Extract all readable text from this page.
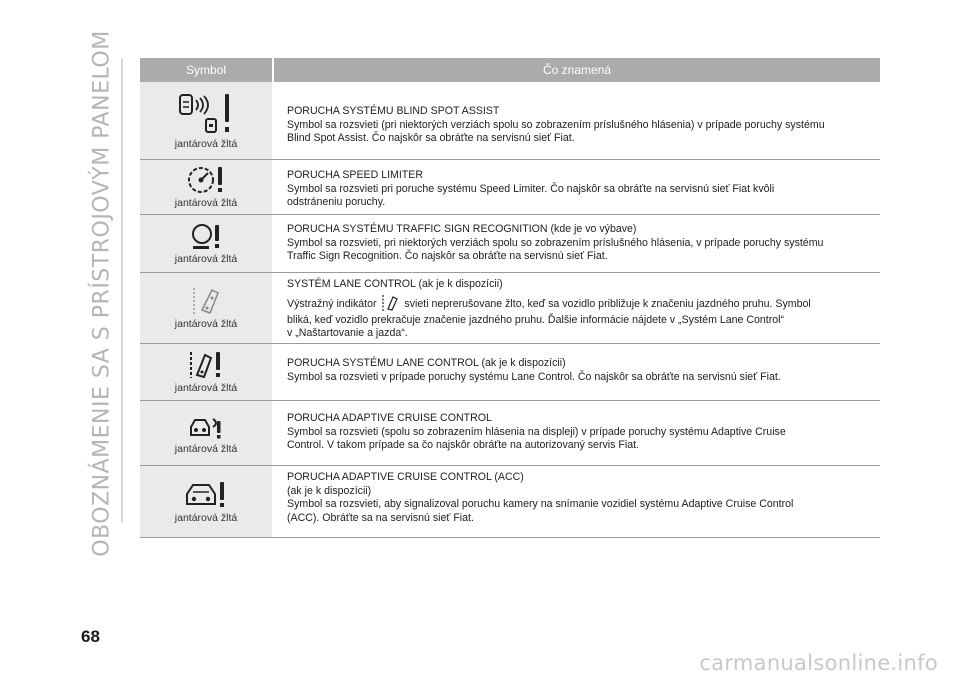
OBOZNÁMENIE SA S PRÍSTROJOVÝM PANELOM	Symbol	Čo znamená
jantárová žltá
PORUCHA SYSTÉMU BLIND SPOT ASSIST
Symbol sa rozsvieti (pri niektorých verziách spolu so zobrazením príslušného hlásenia) v prípade poruchy systému
Blind Spot Assist. Čo najskôr sa obráťte na servisnú sieť Fiat.
jantárová žltá
PORUCHA SPEED LIMITER
Symbol sa rozsvieti pri poruche systému Speed Limiter. Čo najskôr sa obráťte na servisnú sieť Fiat kvôli
odstráneniu poruchy.
jantárová žltá
PORUCHA SYSTÉMU TRAFFIC SIGN RECOGNITION (kde je vo výbave)
Symbol sa rozsvieti, pri niektorých verziách spolu so zobrazením príslušného hlásenia, v prípade poruchy systému
Traffic Sign Recognition. Čo najskôr sa obráťte na servisnú sieť Fiat.
jantárová žltá
SYSTÉM LANE CONTROL (ak je k dispozícii)
Výstražný indikátor	svieti neprerušovane žlto, keď sa vozidlo približuje k značeniu jazdného pruhu. Symbol
bliká, keď vozidlo prekračuje značenie jazdného pruhu. Ďalšie informácie nájdete v „Systém Lane Control“
v „Naštartovanie a jazda“.
jantárová žltá
PORUCHA SYSTÉMU LANE CONTROL (ak je k dispozícii)
Symbol sa rozsvieti v prípade poruchy systému Lane Control. Čo najskôr sa obráťte na servisnú sieť Fiat.
jantárová žltá
PORUCHA ADAPTIVE CRUISE CONTROL
Symbol sa rozsvieti (spolu so zobrazením hlásenia na displeji) v prípade poruchy systému Adaptive Cruise
Control. V takom prípade sa čo najskôr obráťte na autorizovaný servis Fiat.
jantárová žltá
PORUCHA ADAPTIVE CRUISE CONTROL (ACC)
(ak je k dispozícii)
Symbol sa rozsvieti, aby signalizoval poruchu kamery na snímanie vozidiel systému Adaptive Cruise Control
(ACC). Obráťte sa na servisnú sieť Fiat.
68
carmanualsonline.info
